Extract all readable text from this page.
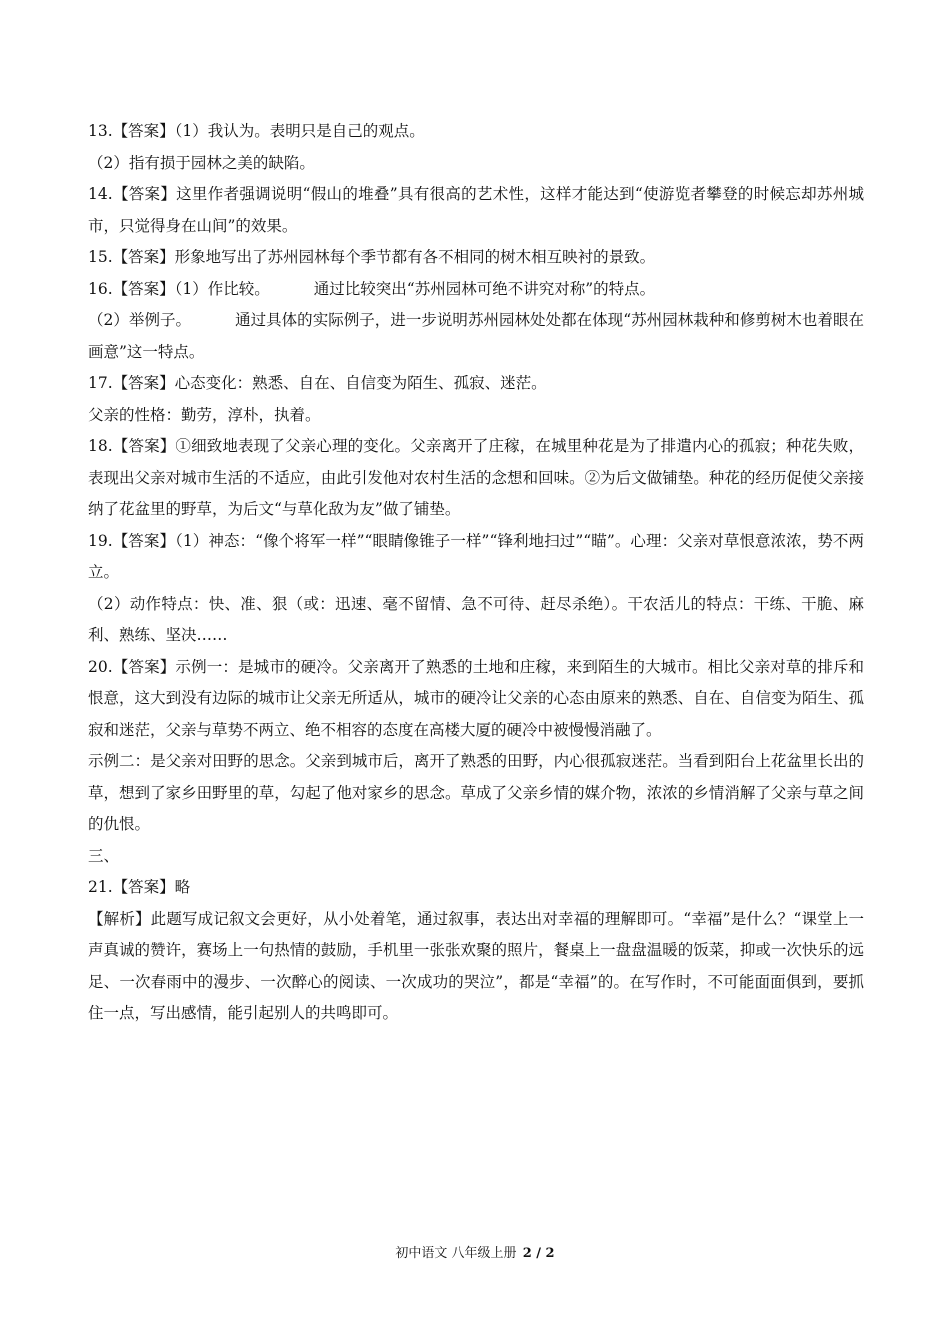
13.【答案】（1）我认为。表明只是自己的观点。

（2）指有损于园林之美的缺陷。

14.【答案】这里作者强调说明“假山的堆叠”具有很高的艺术性，这样才能达到“使游览者攀登的时候忘却苏州城市，只觉得身在山间”的效果。

15.【答案】形象地写出了苏州园林每个季节都有各不相同的树木相互映衬的景致。

16.【答案】（1）作比较。	通过比较突出“苏州园林可绝不讲究对称”的特点。

（2）举例子。	通过具体的实际例子，进一步说明苏州园林处处都在体现“苏州园林栽种和修剪树木也着眼在画意”这一特点。

17.【答案】心态变化：熟悉、自在、自信变为陌生、孤寂、迷茫。

父亲的性格：勤劳，淳朴，执着。

18.【答案】①细致地表现了父亲心理的变化。父亲离开了庄稼，在城里种花是为了排遣内心的孤寂；种花失败，表现出父亲对城市生活的不适应，由此引发他对农村生活的念想和回味。②为后文做铺垫。种花的经历促使父亲接纳了花盆里的野草，为后文“与草化敌为友”做了铺垫。

19.【答案】（1）神态：“像个将军一样”“眼睛像锥子一样”“锋利地扫过”“瞄”。心理：父亲对草恨意浓浓，势不两立。

（2）动作特点：快、准、狠（或：迅速、毫不留情、急不可待、赶尽杀绝）。干农活儿的特点：干练、干脆、麻利、熟练、坚决……

20.【答案】示例一：是城市的硬冷。父亲离开了熟悉的土地和庄稼，来到陌生的大城市。相比父亲对草的排斥和恨意，这大到没有边际的城市让父亲无所适从，城市的硬冷让父亲的心态由原来的熟悉、自在、自信变为陌生、孤寂和迷茫，父亲与草势不两立、绝不相容的态度在高楼大厦的硬冷中被慢慢消融了。

示例二：是父亲对田野的思念。父亲到城市后，离开了熟悉的田野，内心很孤寂迷茫。当看到阳台上花盆里长出的草，想到了家乡田野里的草，勾起了他对家乡的思念。草成了父亲乡情的媒介物，浓浓的乡情消解了父亲与草之间的仇恨。

三、

21.【答案】略

【解析】此题写成记叙文会更好，从小处着笔，通过叙事，表达出对幸福的理解即可。“幸福”是什么？“课堂上一声真诚的赞许，赛场上一句热情的鼓励，手机里一张张欢聚的照片，餐桌上一盘盘温暖的饭菜，抑或一次快乐的远足、一次春雨中的漫步、一次醉心的阅读、一次成功的哭泣”，都是“幸福”的。在写作时，不可能面面俱到，要抓住一点，写出感情，能引起别人的共鸣即可。

初中语文 八年级上册 2 / 2
